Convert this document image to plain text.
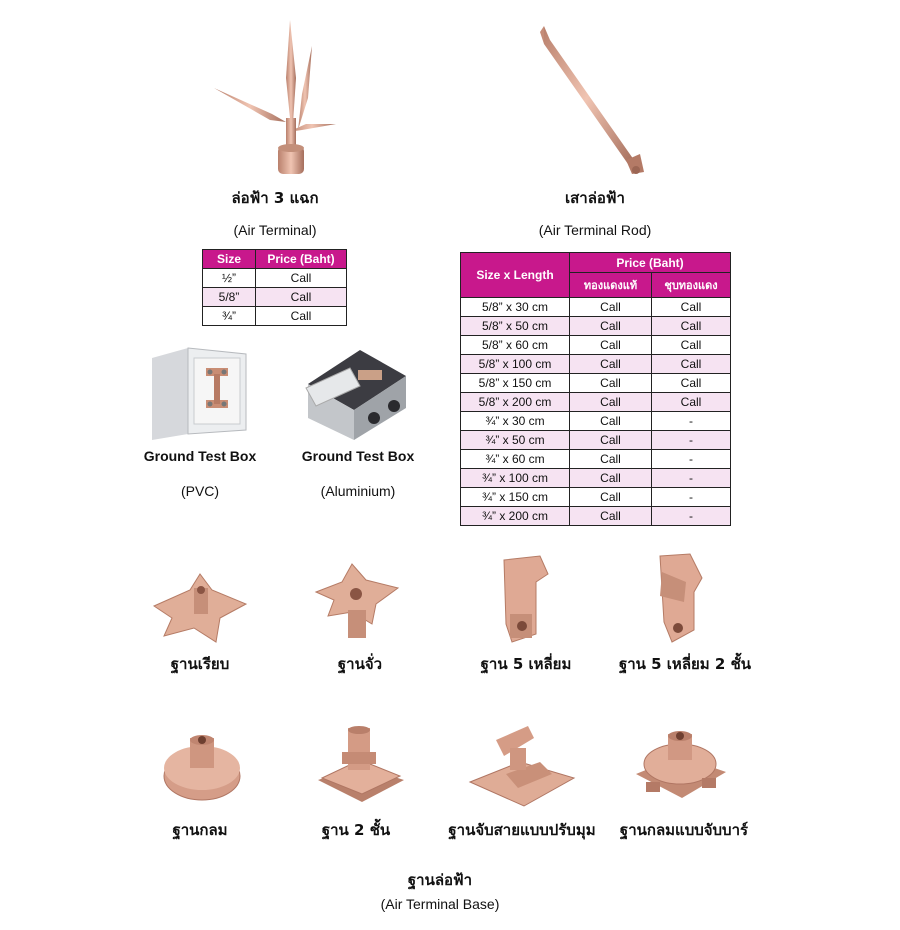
ล่อฟ้า 3 แฉก
(Air Terminal)
Size	Price (Baht)
½”	Call
5/8”	Call
¾”	Call
เสาล่อฟ้า
(Air Terminal Rod)
Size x Length	Price (Baht)	
	ทองแดงแท้	ชุบทองแดง
5/8” x 30 cm	Call	Call
5/8” x 50 cm	Call	Call
5/8” x 60 cm	Call	Call
5/8” x 100 cm	Call	Call
5/8” x 150 cm	Call	Call
5/8” x 200 cm	Call	Call
¾” x 30 cm	Call	-
¾” x 50 cm	Call	-
¾” x 60 cm	Call	-
¾” x 100 cm	Call	-
¾” x 150 cm	Call	-
¾” x 200 cm	Call	-
Ground Test Box
(PVC)
Ground Test Box
(Aluminium)
ฐานเรียบ	ฐานจั่ว	ฐาน 5 เหลี่ยม	ฐาน 5 เหลี่ยม 2 ชั้น
ฐานกลม	ฐาน 2 ชั้น	ฐานจับสายแบบปรับมุม	ฐานกลมแบบจับบาร์
ฐานล่อฟ้า
(Air Terminal Base)
